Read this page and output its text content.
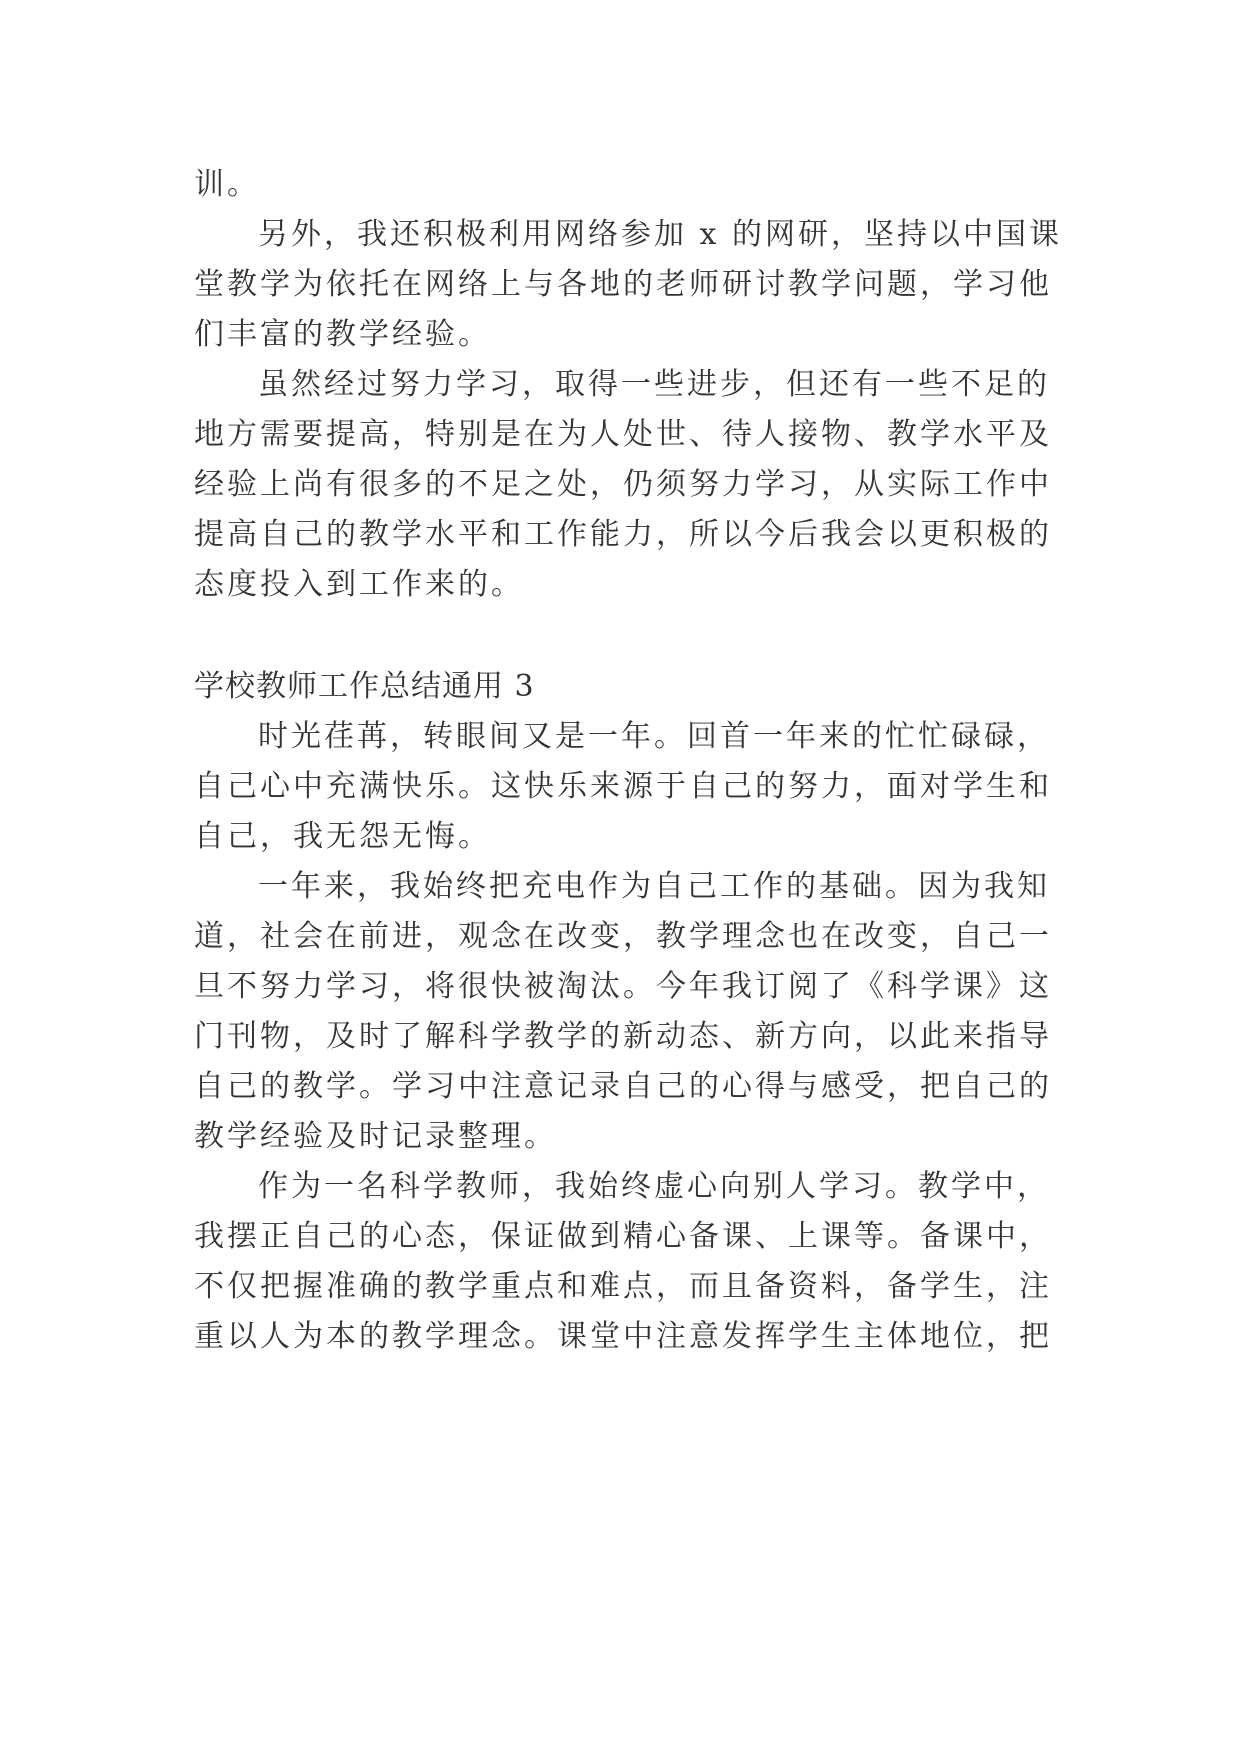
训。
另外，我还积极利用网络参加 x 的网研，坚持以中国课
堂教学为依托在网络上与各地的老师研讨教学问题，学习他
们丰富的教学经验。
虽然经过努力学习，取得一些进步，但还有一些不足的
地方需要提高，特别是在为人处世、待人接物、教学水平及
经验上尚有很多的不足之处，仍须努力学习，从实际工作中
提高自己的教学水平和工作能力，所以今后我会以更积极的
态度投入到工作来的。
学校教师工作总结通用 3
时光荏苒，转眼间又是一年。回首一年来的忙忙碌碌，
自己心中充满快乐。这快乐来源于自己的努力，面对学生和
自己，我无怨无悔。
一年来，我始终把充电作为自己工作的基础。因为我知
道，社会在前进，观念在改变，教学理念也在改变，自己一
旦不努力学习，将很快被淘汰。今年我订阅了《科学课》这
门刊物，及时了解科学教学的新动态、新方向，以此来指导
自己的教学。学习中注意记录自己的心得与感受，把自己的
教学经验及时记录整理。
作为一名科学教师，我始终虚心向别人学习。教学中，
我摆正自己的心态，保证做到精心备课、上课等。备课中，
不仅把握准确的教学重点和难点，而且备资料，备学生，注
重以人为本的教学理念。课堂中注意发挥学生主体地位，把
